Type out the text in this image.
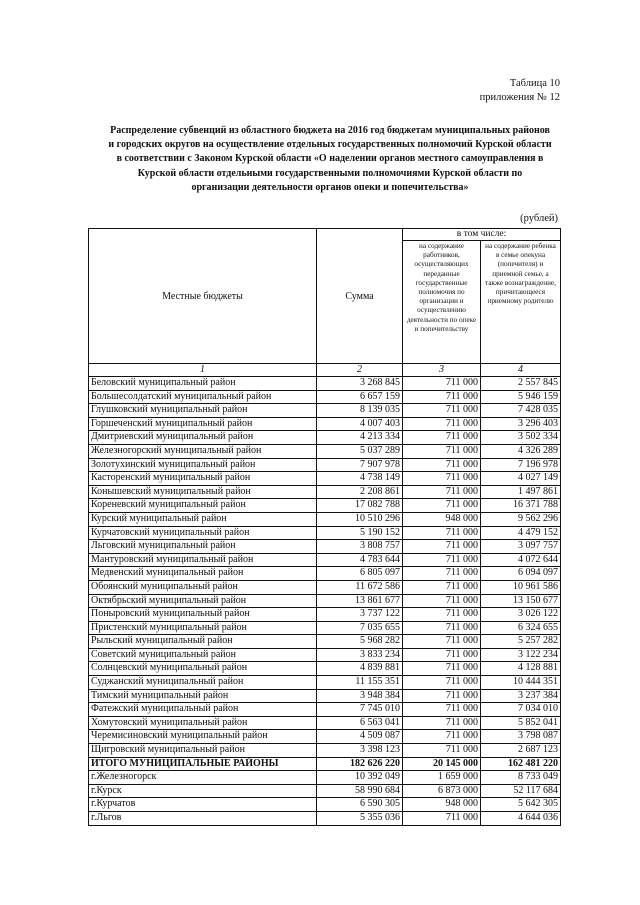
Таблица 10
приложения № 12
Распределение субвенций из областного бюджета на 2016 год бюджетам муниципальных районов
и городских округов на осуществление отдельных государственных полномочий Курской области
в соответствии с Законом Курской области «О наделении органов местного самоуправления в
Курской области отдельными государственными полномочиями Курской области по
организации деятельности органов опеки и попечительства»
(рублей)
Местные бюджеты	Сумма	в том числе:	
		на содержание работников, осуществляющих переданные государственные полномочия по организации и осуществлению деятельности по опеке и попечительству	на содержание ребенка в семье опекуна (попечителя) и приемной семье, а также вознаграждение, причитающееся приемному родителю
1	2	3	4
Беловский муниципальный район	3 268 845	711 000	2 557 845
Большесолдатский муниципальный район	6 657 159	711 000	5 946 159
Глушковский муниципальный район	8 139 035	711 000	7 428 035
Горшеченский муниципальный район	4 007 403	711 000	3 296 403
Дмитриевский муниципальный район	4 213 334	711 000	3 502 334
Железногорский муниципальный район	5 037 289	711 000	4 326 289
Золотухинский муниципальный район	7 907 978	711 000	7 196 978
Касторенский муниципальный район	4 738 149	711 000	4 027 149
Конышевский муниципальный район	2 208 861	711 000	1 497 861
Кореневский муниципальный район	17 082 788	711 000	16 371 788
Курский муниципальный район	10 510 296	948 000	9 562 296
Курчатовский муниципальный район	5 190 152	711 000	4 479 152
Льговский муниципальный район	3 808 757	711 000	3 097 757
Мантуровский муниципальный район	4 783 644	711 000	4 072 644
Медвенский муниципальный район	6 805 097	711 000	6 094 097
Обоянский муниципальный район	11 672 586	711 000	10 961 586
Октябрьский муниципальный район	13 861 677	711 000	13 150 677
Поныровский муниципальный район	3 737 122	711 000	3 026 122
Пристенский муниципальный район	7 035 655	711 000	6 324 655
Рыльский муниципальный район	5 968 282	711 000	5 257 282
Советский муниципальный район	3 833 234	711 000	3 122 234
Солнцевский муниципальный район	4 839 881	711 000	4 128 881
Суджанский муниципальный район	11 155 351	711 000	10 444 351
Тимский муниципальный район	3 948 384	711 000	3 237 384
Фатежский муниципальный район	7 745 010	711 000	7 034 010
Хомутовский муниципальный район	6 563 041	711 000	5 852 041
Черемисиновский муниципальный район	4 509 087	711 000	3 798 087
Щигровский муниципальный район	3 398 123	711 000	2 687 123
ИТОГО МУНИЦИПАЛЬНЫЕ РАЙОНЫ	182 626 220	20 145 000	162 481 220
г.Железногорск	10 392 049	1 659 000	8 733 049
г.Курск	58 990 684	6 873 000	52 117 684
г.Курчатов	6 590 305	948 000	5 642 305
г.Льгов	5 355 036	711 000	4 644 036
